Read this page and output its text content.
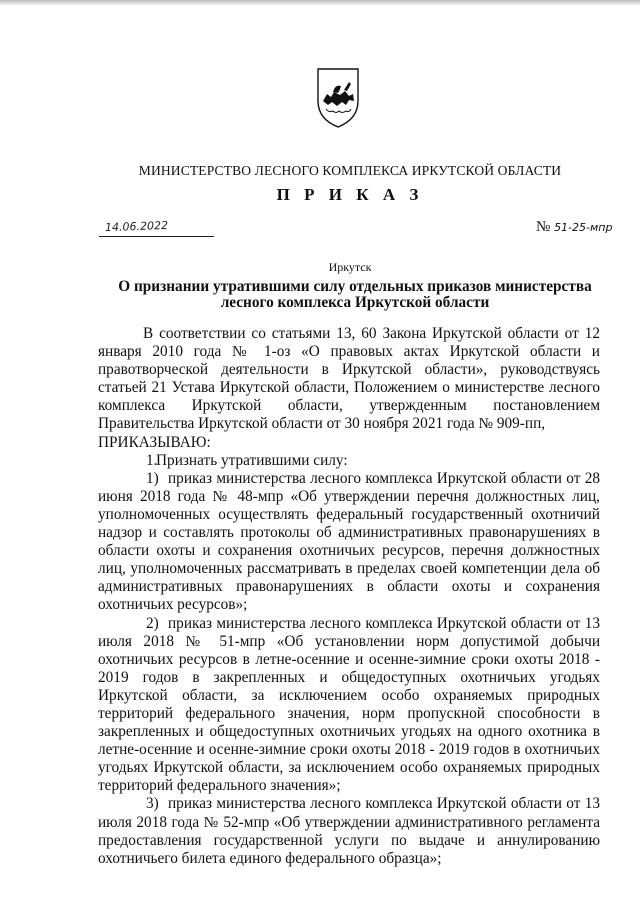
МИНИСТЕРСТВО ЛЕСНОГО КОМПЛЕКСА ИРКУТСКОЙ ОБЛАСТИ
П Р И К А З
14.06.2022	№ 51-25-мпр
Иркутск
О признании утратившими силу отдельных приказов министерства лесного комплекса Иркутской области

В соответствии со статьями 13, 60 Закона Иркутской области от 12 января 2010 года № 1-оз «О правовых актах Иркутской области и правотворческой деятельности в Иркутской области», руководствуясь статьей 21 Устава Иркутской области, Положением о министерстве лесного комплекса Иркутской области, утвержденным постановлением Правительства Иркутской области от 30 ноября 2021 года № 909-пп,

ПРИКАЗЫВАЮ:

1.Признать утратившими силу:

1) приказ министерства лесного комплекса Иркутской области от 28 июня 2018 года № 48-мпр «Об утверждении перечня должностных лиц, уполномоченных осуществлять федеральный государственный охотничий надзор и составлять протоколы об административных правонарушениях в области охоты и сохранения охотничьих ресурсов, перечня должностных лиц, уполномоченных рассматривать в пределах своей компетенции дела об административных правонарушениях в области охоты и сохранения охотничьих ресурсов»;

2) приказ министерства лесного комплекса Иркутской области от 13 июля 2018 № 51-мпр «Об установлении норм допустимой добычи охотничьих ресурсов в летне-осенние и осенне-зимние сроки охоты 2018 - 2019 годов в закрепленных и общедоступных охотничьих угодьях Иркутской области, за исключением особо охраняемых природных территорий федерального значения, норм пропускной способности в закрепленных и общедоступных охотничьих угодьях на одного охотника в летне-осенние и осенне-зимние сроки охоты 2018 - 2019 годов в охотничьих угодьях Иркутской области, за исключением особо охраняемых природных территорий федерального значения»;

3) приказ министерства лесного комплекса Иркутской области от 13 июля 2018 года № 52-мпр «Об утверждении административного регламента предоставления государственной услуги по выдаче и аннулированию охотничьего билета единого федерального образца»;
